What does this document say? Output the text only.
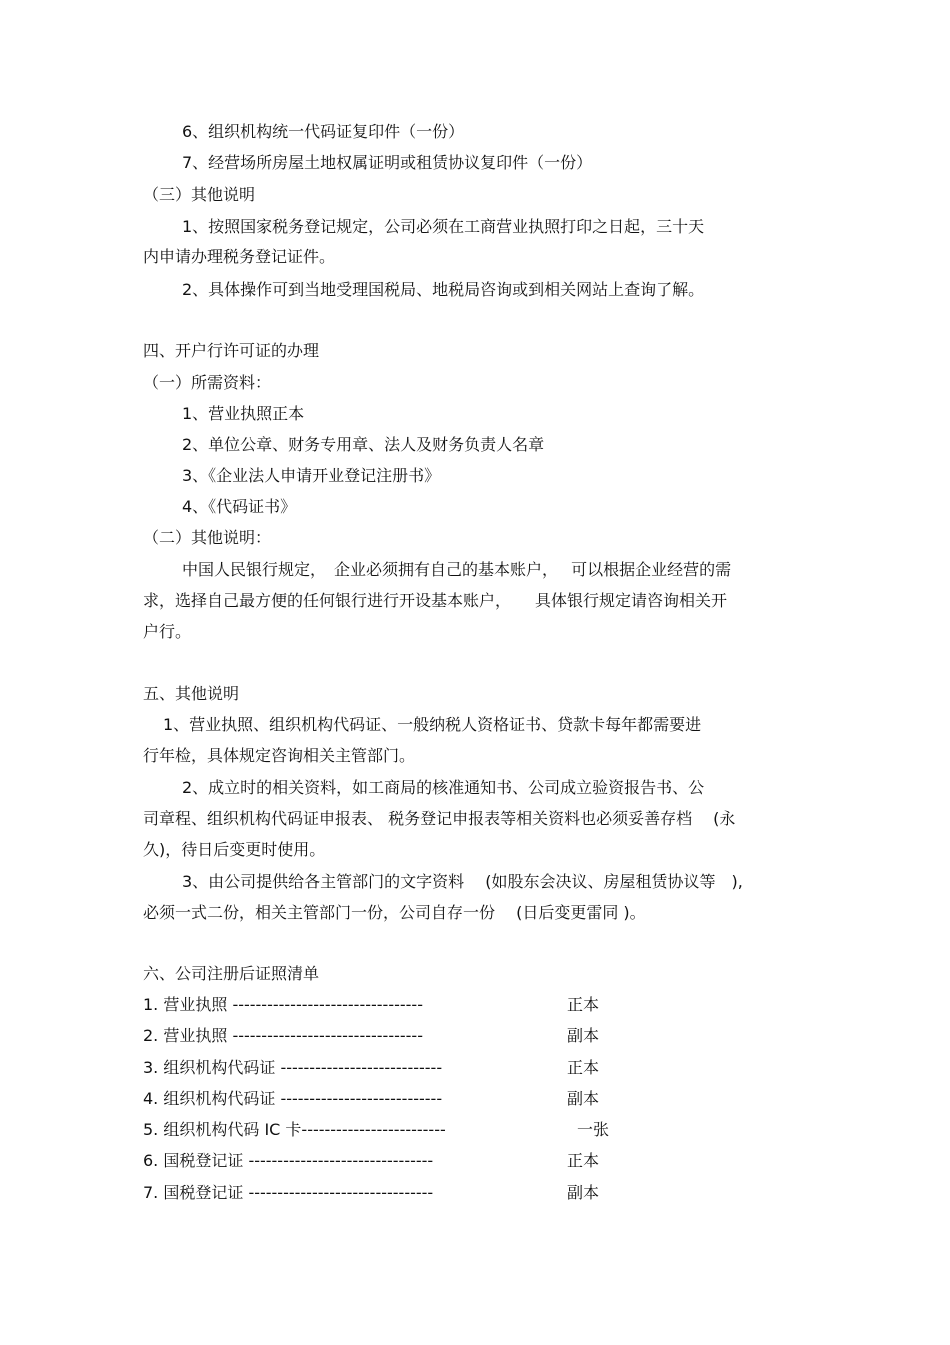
6、组织机构统一代码证复印件（一份）
7、经营场所房屋土地权属证明或租赁协议复印件（一份）
（三）其他说明
1、按照国家税务登记规定，公司必须在工商营业执照打印之日起，三十天
内申请办理税务登记证件。
2、具体操作可到当地受理国税局、地税局咨询或到相关网站上查询了解。
四、开户行许可证的办理
（一）所需资料：
1、营业执照正本
2、单位公章、财务专用章、法人及财务负责人名章
3、《企业法人申请开业登记注册书》
4、《代码证书》
（二）其他说明：
中国人民银行规定，　企业必须拥有自己的基本账户，　 可以根据企业经营的需
求，选择自己最方便的任何银行进行开设基本账户，　　具体银行规定请咨询相关开
户行。
五、其他说明
1、营业执照、组织机构代码证、一般纳税人资格证书、贷款卡每年都需要进
行年检，具体规定咨询相关主管部门。
2、成立时的相关资料，如工商局的核准通知书、公司成立验资报告书、公
司章程、组织机构代码证申报表、 税务登记申报表等相关资料也必须妥善存档　 (永
久)，待日后变更时使用。
3、由公司提供给各主管部门的文字资料　 (如股东会决议、房屋租赁协议等　),
必须一式二份，相关主管部门一份，公司自存一份　 (日后变更雷同 )。
六、公司注册后证照清单
1. 营业执照 ---------------------------------	正本
2. 营业执照 ---------------------------------	副本
3. 组织机构代码证 ----------------------------	正本
4. 组织机构代码证 ----------------------------	副本
5. 组织机构代码 IC 卡-------------------------	一张
6. 国税登记证 --------------------------------	正本
7. 国税登记证 --------------------------------	副本
